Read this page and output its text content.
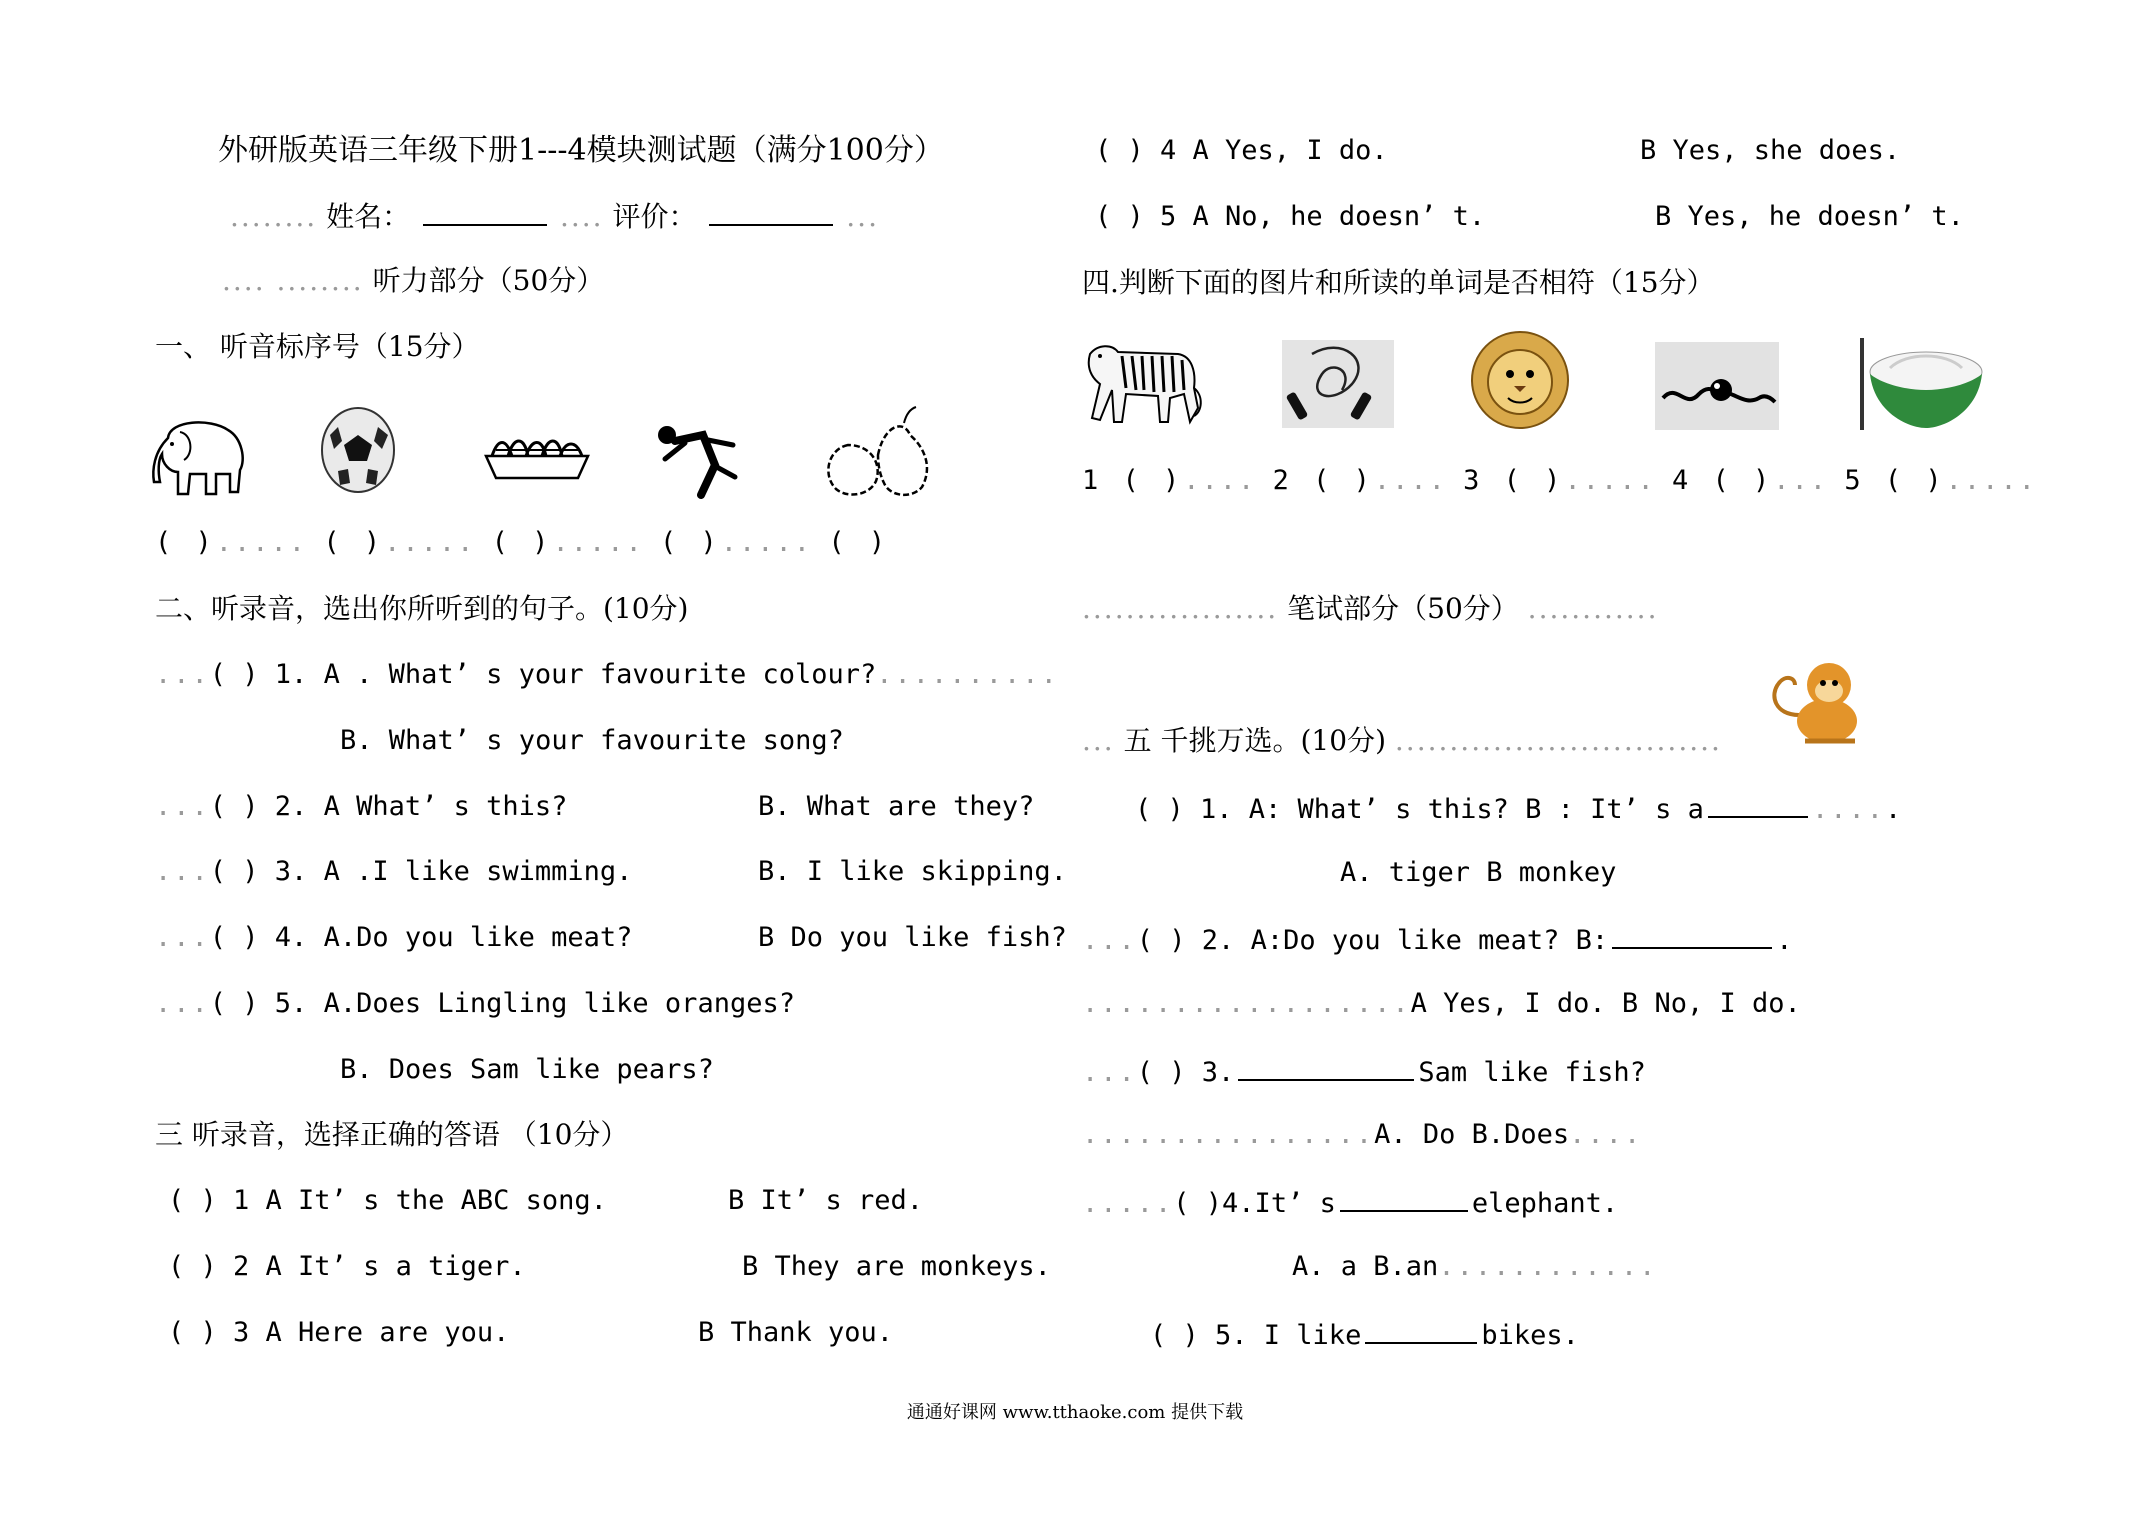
外研版英语三年级下册1---4模块测试题（满分100分）
........ 姓名：	.... 评价：	...
.... ........ 听力部分（50分）
一、 听音标序号（15分）
( )..... ( )..... ( )..... ( )..... ( )
二、听录音，选出你所听到的句子。(10分)
...( ) 1. A . What’ s your favourite colour?..........
B. What’ s your favourite song?
...( ) 2. A What’ s this?	B. What are they?
...( ) 3. A .I like swimming.	B. I like skipping.
...( ) 4. A.Do you like meat?	B Do you like fish?
...( ) 5. A.Does Lingling like oranges?
B. Does Sam like pears?
三 听录音，选择正确的答语 （10分）
( ) 1 A It’ s the ABC song.	B It’ s red.
( ) 2 A It’ s a tiger.	B They are monkeys.
( ) 3 A Here are you.	B Thank you.
( ) 4 A Yes, I do.	B Yes, she does.
( ) 5 A No, he doesn’ t.	B Yes, he doesn’ t.
四.判断下面的图片和所读的单词是否相符（15分）
1 ( ).... 2 ( ).... 3 ( )..... 4 ( )... 5 ( ).....
.................. 笔试部分（50分） ............
... 五 千挑万选。(10分) ..............................
( ) 1. A: What’ s this? B : It’ s a	.....
A. tiger B monkey
...( ) 2. A:Do you like meat? B:	.
..................A Yes, I do. B No, I do.
...( ) 3.	Sam like fish?
................A. Do B.Does....
.....( )4.It’ s	elephant.
A. a B.an............
( ) 5. I like	bikes.
通通好课网 www.tthaoke.com 提供下载
